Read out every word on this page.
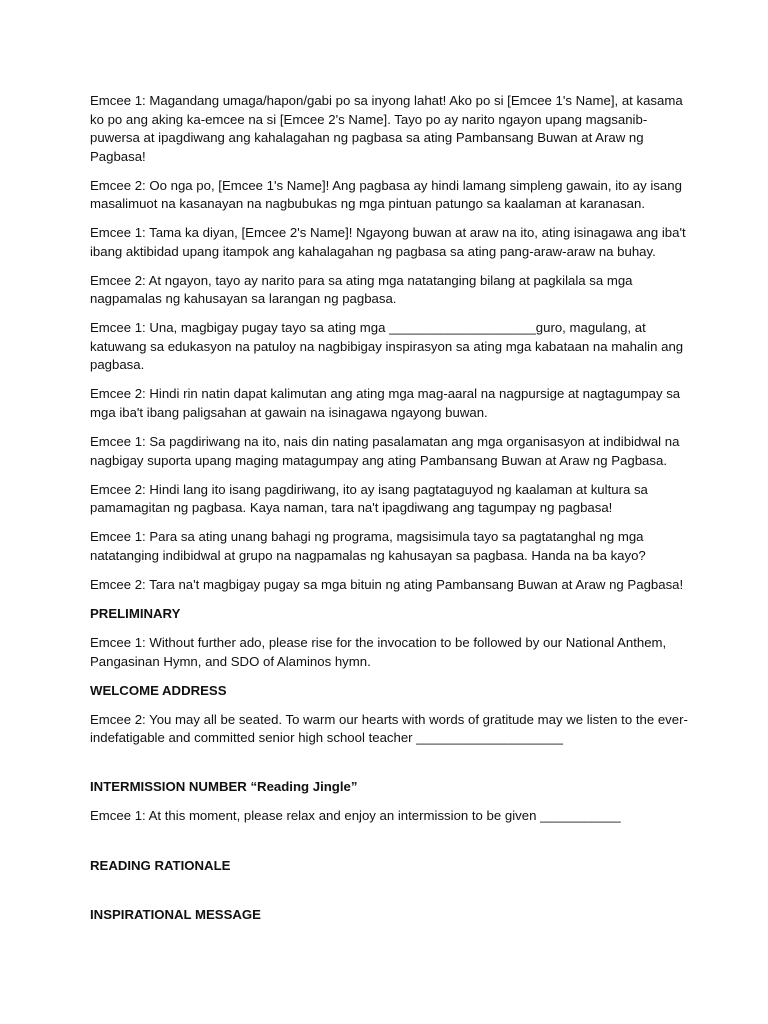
Emcee 1: Magandang umaga/hapon/gabi po sa inyong lahat! Ako po si [Emcee 1's Name], at kasama ko po ang aking ka-emcee na si [Emcee 2's Name]. Tayo po ay narito ngayon upang magsanib-puwersa at ipagdiwang ang kahalagahan ng pagbasa sa ating Pambansang Buwan at Araw ng Pagbasa!

Emcee 2: Oo nga po, [Emcee 1's Name]! Ang pagbasa ay hindi lamang simpleng gawain, ito ay isang masalimuot na kasanayan na nagbubukas ng mga pintuan patungo sa kaalaman at karanasan.

Emcee 1: Tama ka diyan, [Emcee 2's Name]! Ngayong buwan at araw na ito, ating isinagawa ang iba't ibang aktibidad upang itampok ang kahalagahan ng pagbasa sa ating pang-araw-araw na buhay.

Emcee 2: At ngayon, tayo ay narito para sa ating mga natatanging bilang at pagkilala sa mga nagpamalas ng kahusayan sa larangan ng pagbasa.

Emcee 1: Una, magbigay pugay tayo sa ating mga ____________________guro, magulang, at katuwang sa edukasyon na patuloy na nagbibigay inspirasyon sa ating mga kabataan na mahalin ang pagbasa.

Emcee 2: Hindi rin natin dapat kalimutan ang ating mga mag-aaral na nagpursige at nagtagumpay sa mga iba't ibang paligsahan at gawain na isinagawa ngayong buwan.

Emcee 1: Sa pagdiriwang na ito, nais din nating pasalamatan ang mga organisasyon at indibidwal na nagbigay suporta upang maging matagumpay ang ating Pambansang Buwan at Araw ng Pagbasa.

Emcee 2: Hindi lang ito isang pagdiriwang, ito ay isang pagtataguyod ng kaalaman at kultura sa pamamagitan ng pagbasa. Kaya naman, tara na't ipagdiwang ang tagumpay ng pagbasa!

Emcee 1: Para sa ating unang bahagi ng programa, magsisimula tayo sa pagtatanghal ng mga natatanging indibidwal at grupo na nagpamalas ng kahusayan sa pagbasa. Handa na ba kayo?

Emcee 2: Tara na't magbigay pugay sa mga bituin ng ating Pambansang Buwan at Araw ng Pagbasa!

PRELIMINARY

Emcee 1: Without further ado, please rise for the invocation to be followed by our National Anthem, Pangasinan Hymn, and SDO of Alaminos hymn.

WELCOME ADDRESS

Emcee 2: You may all be seated. To warm our hearts with words of gratitude may we listen to the ever-indefatigable and committed senior high school teacher ____________________

INTERMISSION NUMBER “Reading Jingle”

Emcee 1: At this moment, please relax and enjoy an intermission to be given ___________

READING RATIONALE

INSPIRATIONAL MESSAGE
